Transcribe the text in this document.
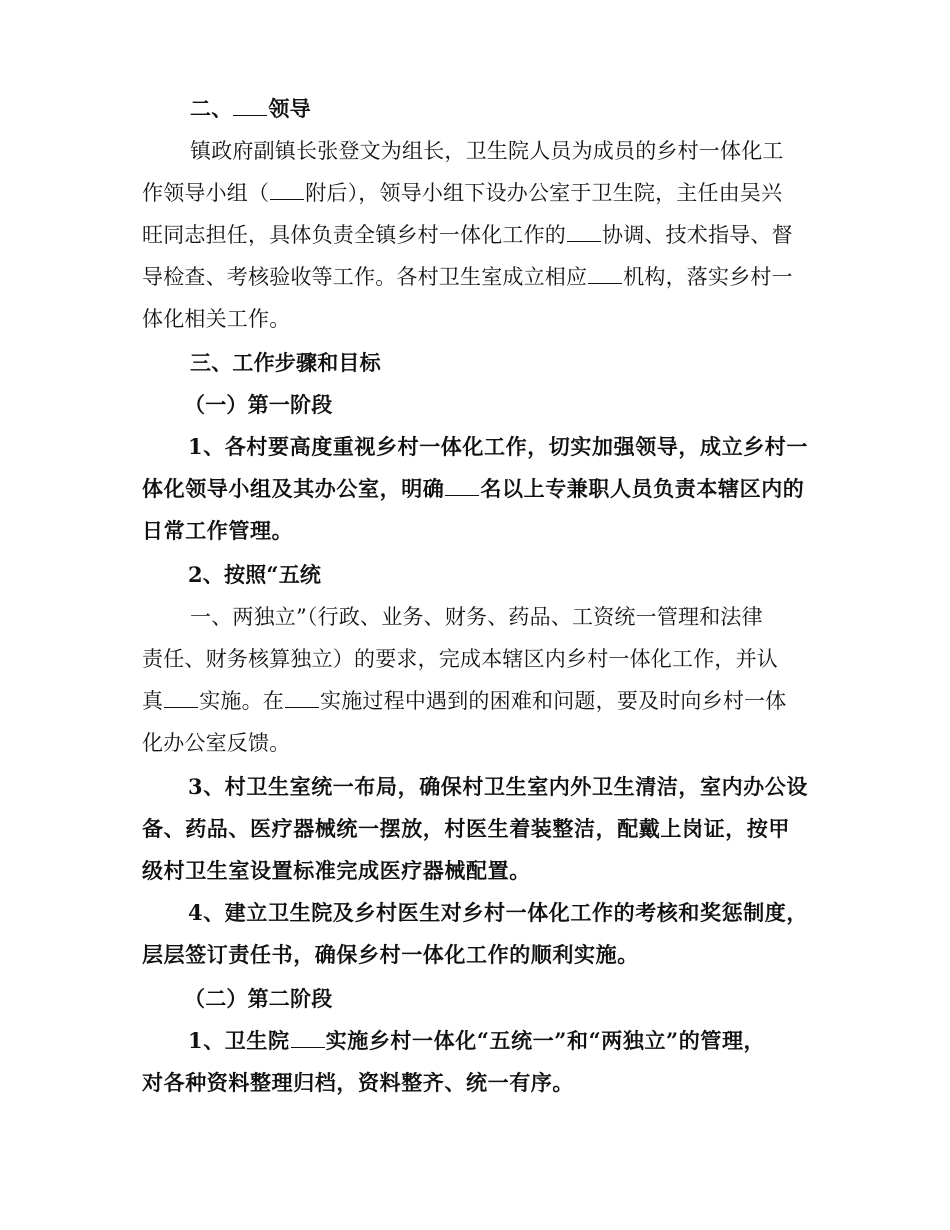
二、 领导
镇政府副镇长张登文为组长，卫生院人员为成员的乡村一体化工
作领导小组（ 附后），领导小组下设办公室于卫生院，主任由吴兴
旺同志担任，具体负责全镇乡村一体化工作的 协调、技术指导、督
导检查、考核验收等工作。各村卫生室成立相应 机构，落实乡村一
体化相关工作。
三、工作步骤和目标
（一）第一阶段
1、各村要高度重视乡村一体化工作，切实加强领导，成立乡村一
体化领导小组及其办公室，明确 名以上专兼职人员负责本辖区内的
日常工作管理。
2、按照“五统
一、两独立”（行政、业务、财务、药品、工资统一管理和法律
责任、财务核算独立）的要求，完成本辖区内乡村一体化工作，并认
真 实施。在 实施过程中遇到的困难和问题，要及时向乡村一体
化办公室反馈。
3、村卫生室统一布局，确保村卫生室内外卫生清洁，室内办公设
备、药品、医疗器械统一摆放，村医生着装整洁，配戴上岗证，按甲
级村卫生室设置标准完成医疗器械配置。
4、建立卫生院及乡村医生对乡村一体化工作的考核和奖惩制度，
层层签订责任书，确保乡村一体化工作的顺利实施。
（二）第二阶段
1、卫生院 实施乡村一体化“五统一”和“两独立”的管理，
对各种资料整理归档，资料整齐、统一有序。
